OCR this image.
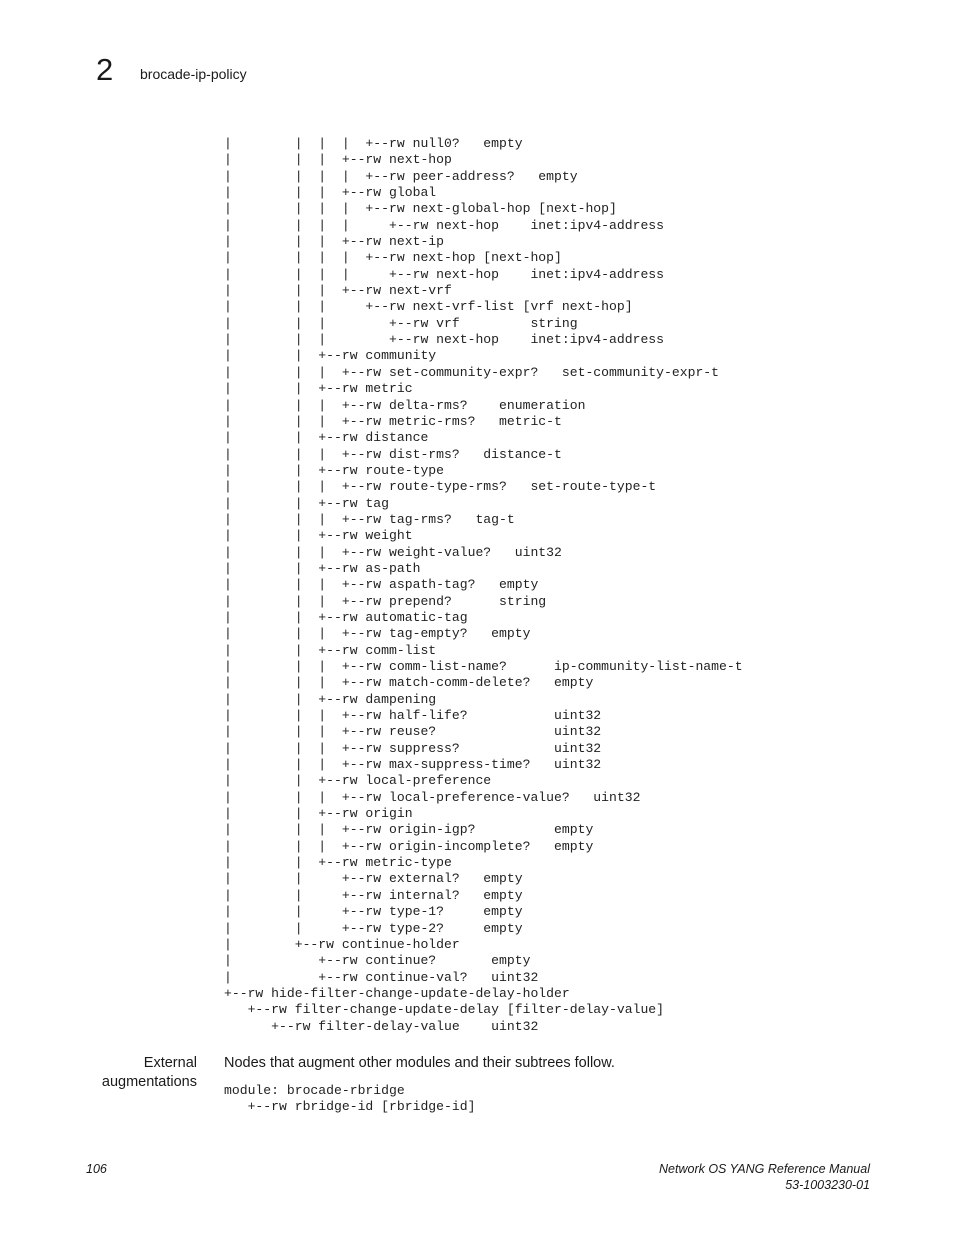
2 brocade-ip-policy
|        |  |  |  +--rw null0?   empty
|        |  |  +--rw next-hop
|        |  |  |  +--rw peer-address?   empty
|        |  |  +--rw global
|        |  |  |  +--rw next-global-hop [next-hop]
|        |  |  |     +--rw next-hop    inet:ipv4-address
|        |  |  +--rw next-ip
|        |  |  |  +--rw next-hop [next-hop]
|        |  |  |     +--rw next-hop    inet:ipv4-address
|        |  |  +--rw next-vrf
|        |  |     +--rw next-vrf-list [vrf next-hop]
|        |  |        +--rw vrf         string
|        |  |        +--rw next-hop    inet:ipv4-address
|        |  +--rw community
|        |  |  +--rw set-community-expr?   set-community-expr-t
|        |  +--rw metric
|        |  |  +--rw delta-rms?    enumeration
|        |  |  +--rw metric-rms?   metric-t
|        |  +--rw distance
|        |  |  +--rw dist-rms?   distance-t
|        |  +--rw route-type
|        |  |  +--rw route-type-rms?   set-route-type-t
|        |  +--rw tag
|        |  |  +--rw tag-rms?   tag-t
|        |  +--rw weight
|        |  |  +--rw weight-value?   uint32
|        |  +--rw as-path
|        |  |  +--rw aspath-tag?   empty
|        |  |  +--rw prepend?      string
|        |  +--rw automatic-tag
|        |  |  +--rw tag-empty?   empty
|        |  +--rw comm-list
|        |  |  +--rw comm-list-name?      ip-community-list-name-t
|        |  |  +--rw match-comm-delete?   empty
|        |  +--rw dampening
|        |  |  +--rw half-life?           uint32
|        |  |  +--rw reuse?               uint32
|        |  |  +--rw suppress?            uint32
|        |  |  +--rw max-suppress-time?   uint32
|        |  +--rw local-preference
|        |  |  +--rw local-preference-value?   uint32
|        |  +--rw origin
|        |  |  +--rw origin-igp?          empty
|        |  |  +--rw origin-incomplete?   empty
|        |  +--rw metric-type
|        |     +--rw external?   empty
|        |     +--rw internal?   empty
|        |     +--rw type-1?     empty
|        |     +--rw type-2?     empty
|        +--rw continue-holder
|           +--rw continue?       empty
|           +--rw continue-val?   uint32
+--rw hide-filter-change-update-delay-holder
+--rw filter-change-update-delay [filter-delay-value]
+--rw filter-delay-value    uint32
External
augmentations
Nodes that augment other modules and their subtrees follow.
module: brocade-rbridge
+--rw rbridge-id [rbridge-id]
106	Network OS YANG Reference Manual
53-1003230-01
